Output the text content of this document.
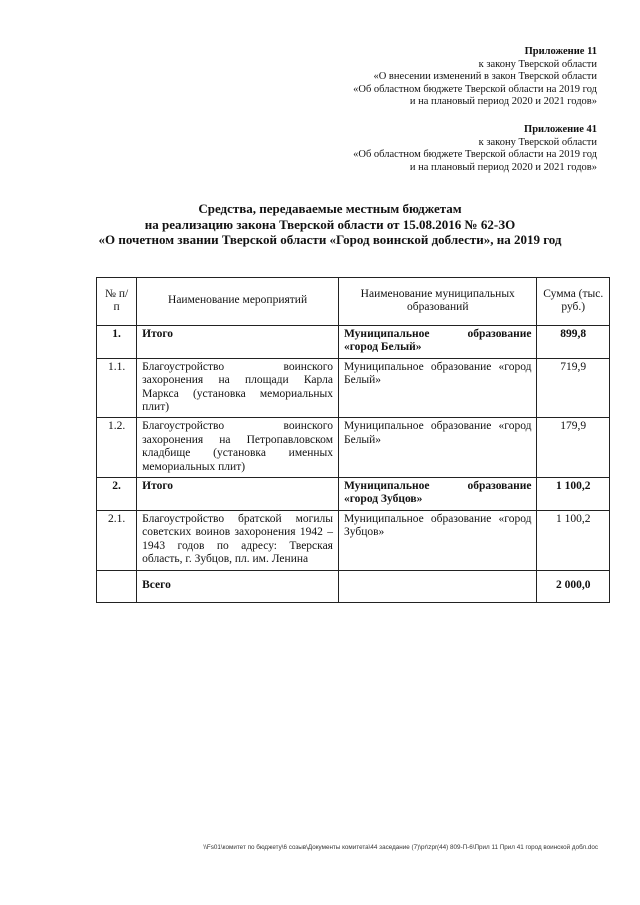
Приложение 11
к закону Тверской области
«О внесении изменений в закон Тверской области
«Об областном бюджете Тверской области на 2019 год
и на плановый период 2020 и 2021 годов»
Приложение 41
к закону Тверской области
«Об областном бюджете Тверской области на 2019 год
и на плановый период 2020 и 2021 годов»
Средства, передаваемые местным бюджетам
на реализацию закона Тверской области от 15.08.2016 № 62-ЗО
«О почетном звании Тверской области «Город воинской доблести», на 2019 год
№ п/п	Наименование мероприятий	Наименование муниципальных образований	Сумма (тыс. руб.)
1.	Итого	Муниципальное образование «город Белый»	899,8
1.1.	Благоустройство воинского захоронения на площади Карла Маркса (установка мемориальных плит)	Муниципальное образование «город Белый»	719,9
1.2.	Благоустройство воинского захоронения на Петропавловском кладбище (установка именных мемориальных плит)	Муниципальное образование «город Белый»	179,9
2.	Итого	Муниципальное образование «город Зубцов»	1 100,2
2.1.	Благоустройство братской могилы советских воинов захоронения 1942 – 1943 годов по адресу: Тверская область, г. Зубцов, пл. им. Ленина	Муниципальное образование «город Зубцов»	1 100,2
	Всего		2 000,0
\\Fs01\комитет по бюджету\6 созыв\Документы комитета\44 заседание (7)\pr\zpr(44) 809-П-6\Прил 11 Прил 41 город воинской добл.doc
